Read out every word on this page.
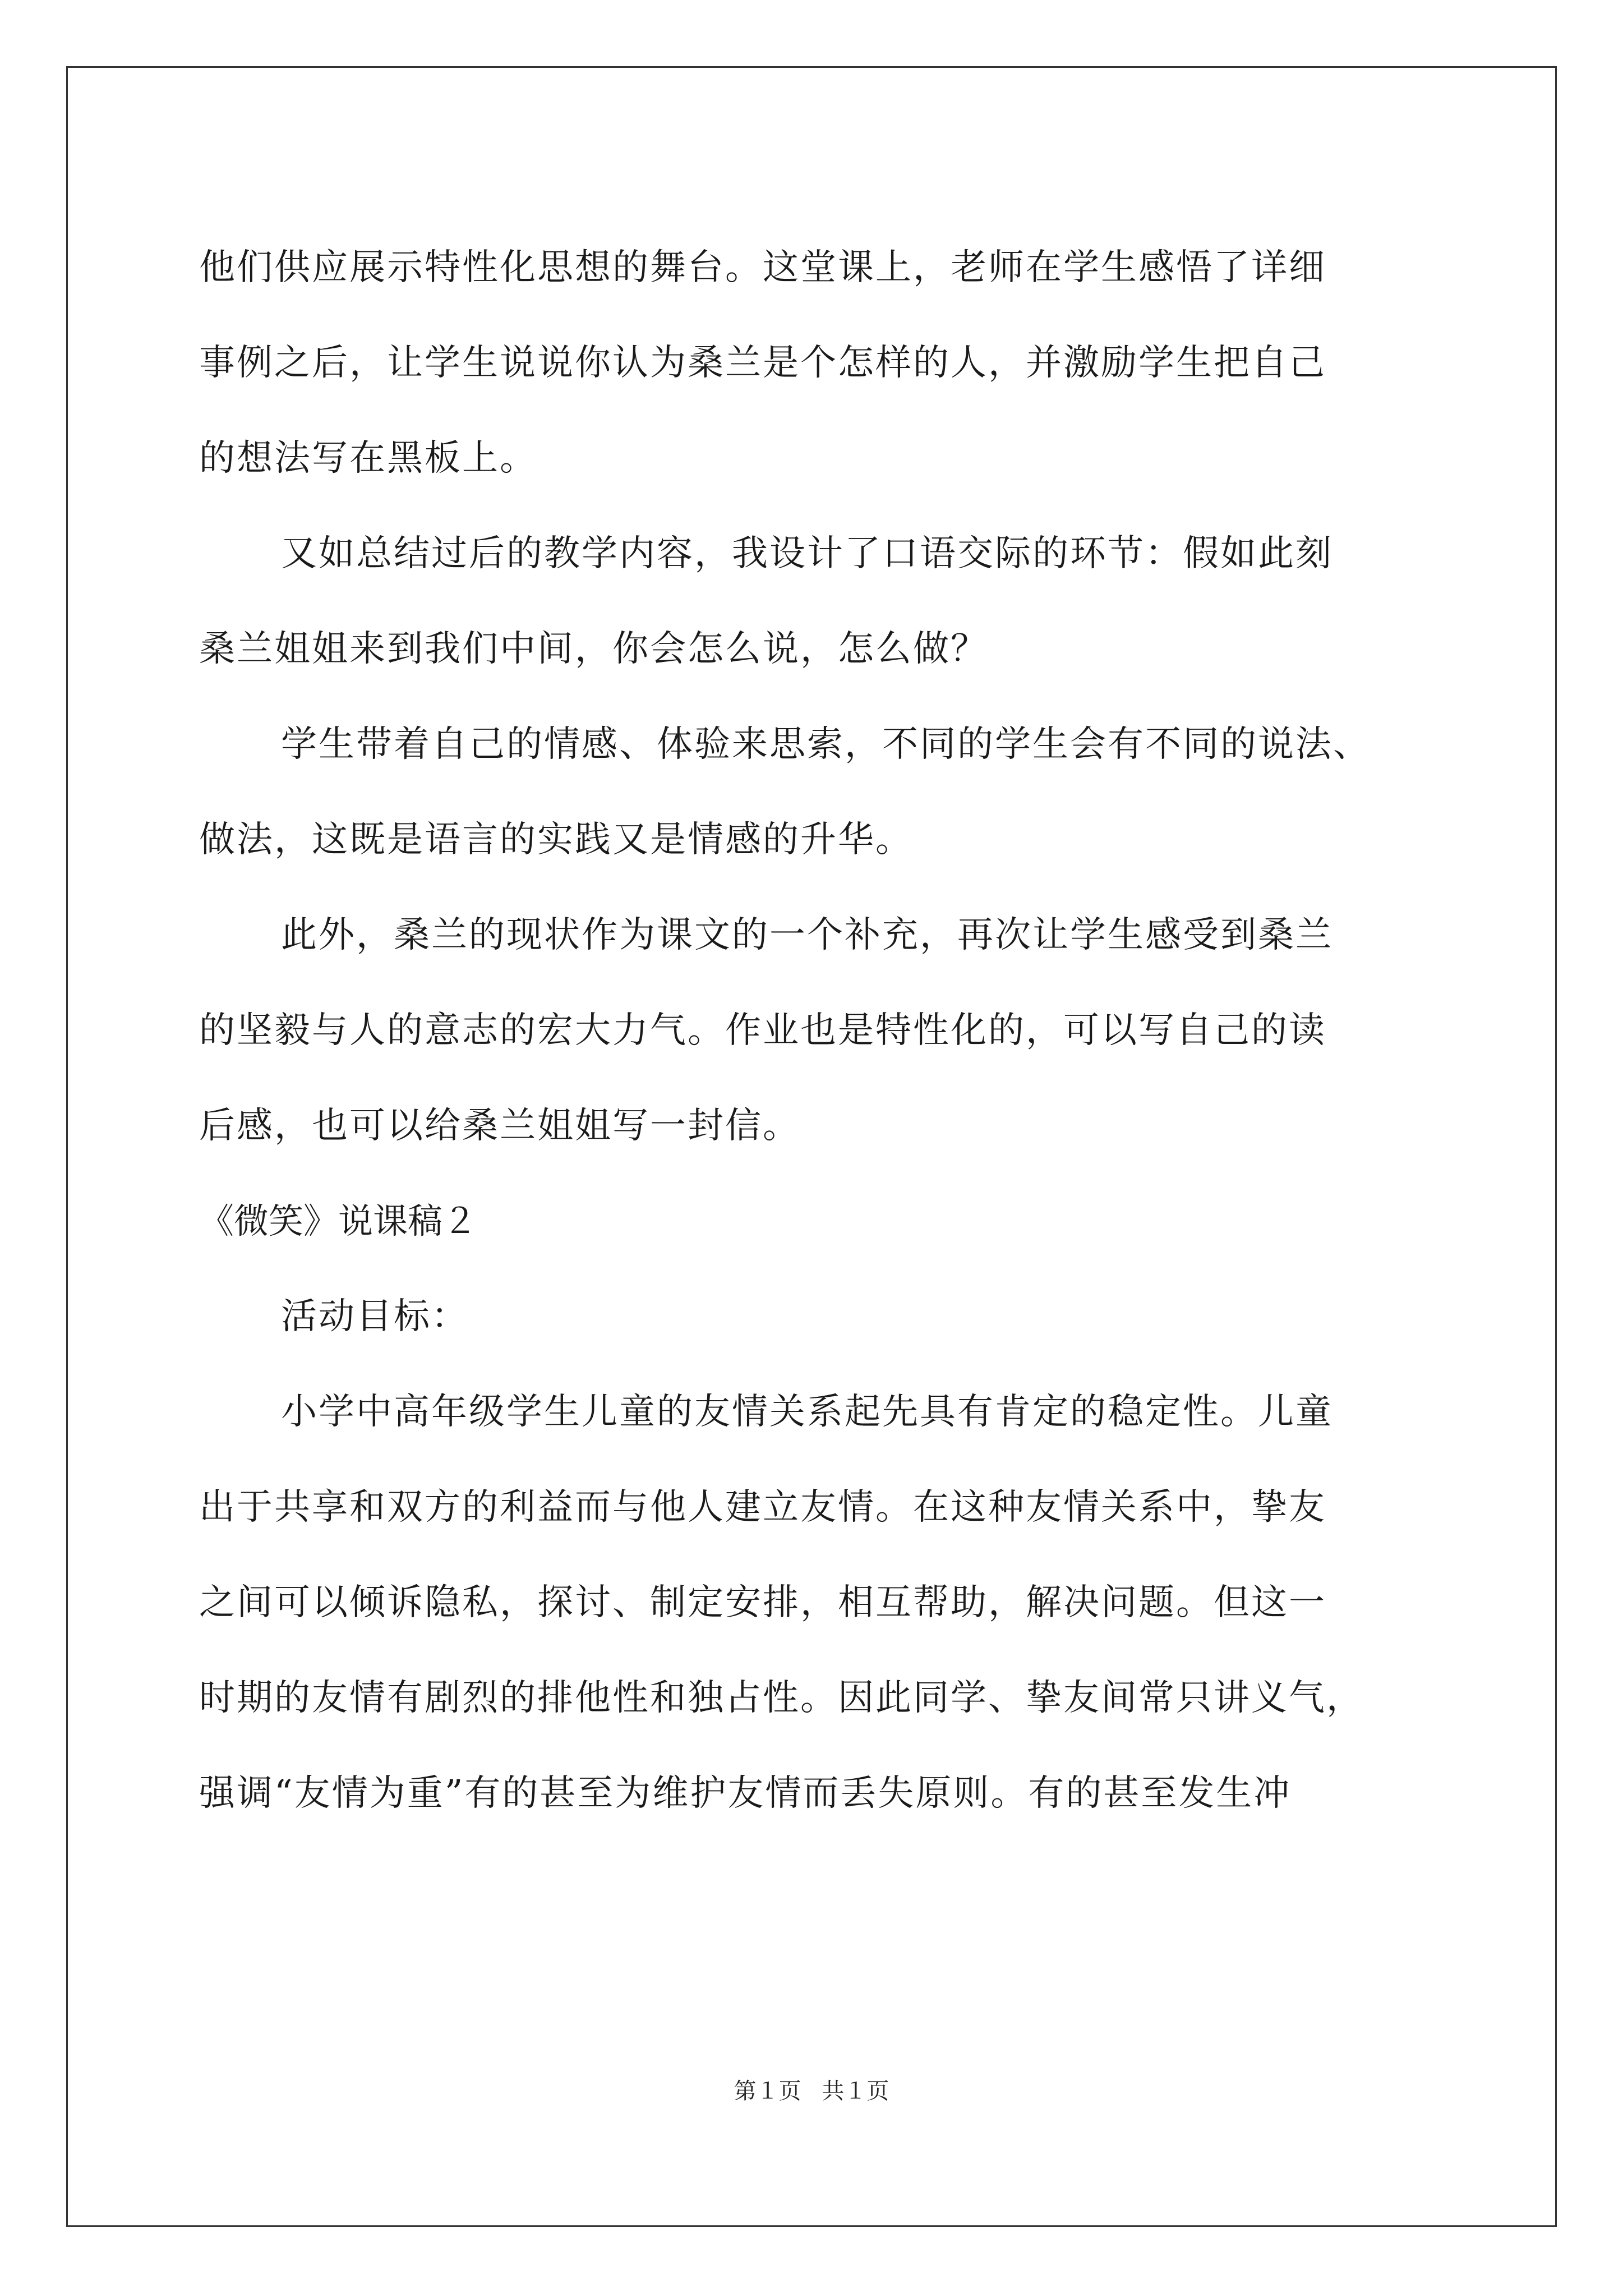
他们供应展示特性化思想的舞台。这堂课上，老师在学生感悟了详细
事例之后，让学生说说你认为桑兰是个怎样的人，并激励学生把自己
的想法写在黑板上。
又如总结过后的教学内容，我设计了口语交际的环节：假如此刻
桑兰姐姐来到我们中间，你会怎么说，怎么做？
学生带着自己的情感、体验来思索，不同的学生会有不同的说法、
做法，这既是语言的实践又是情感的升华。
此外，桑兰的现状作为课文的一个补充，再次让学生感受到桑兰
的坚毅与人的意志的宏大力气。作业也是特性化的，可以写自己的读
后感，也可以给桑兰姐姐写一封信。
《微笑》说课稿２
活动目标：
小学中高年级学生儿童的友情关系起先具有肯定的稳定性。儿童
出于共享和双方的利益而与他人建立友情。在这种友情关系中，挚友
之间可以倾诉隐私，探讨、制定安排，相互帮助，解决问题。但这一
时期的友情有剧烈的排他性和独占性。因此同学、挚友间常只讲义气，
强调“友情为重”有的甚至为维护友情而丢失原则。有的甚至发生冲
第１页 共１页
